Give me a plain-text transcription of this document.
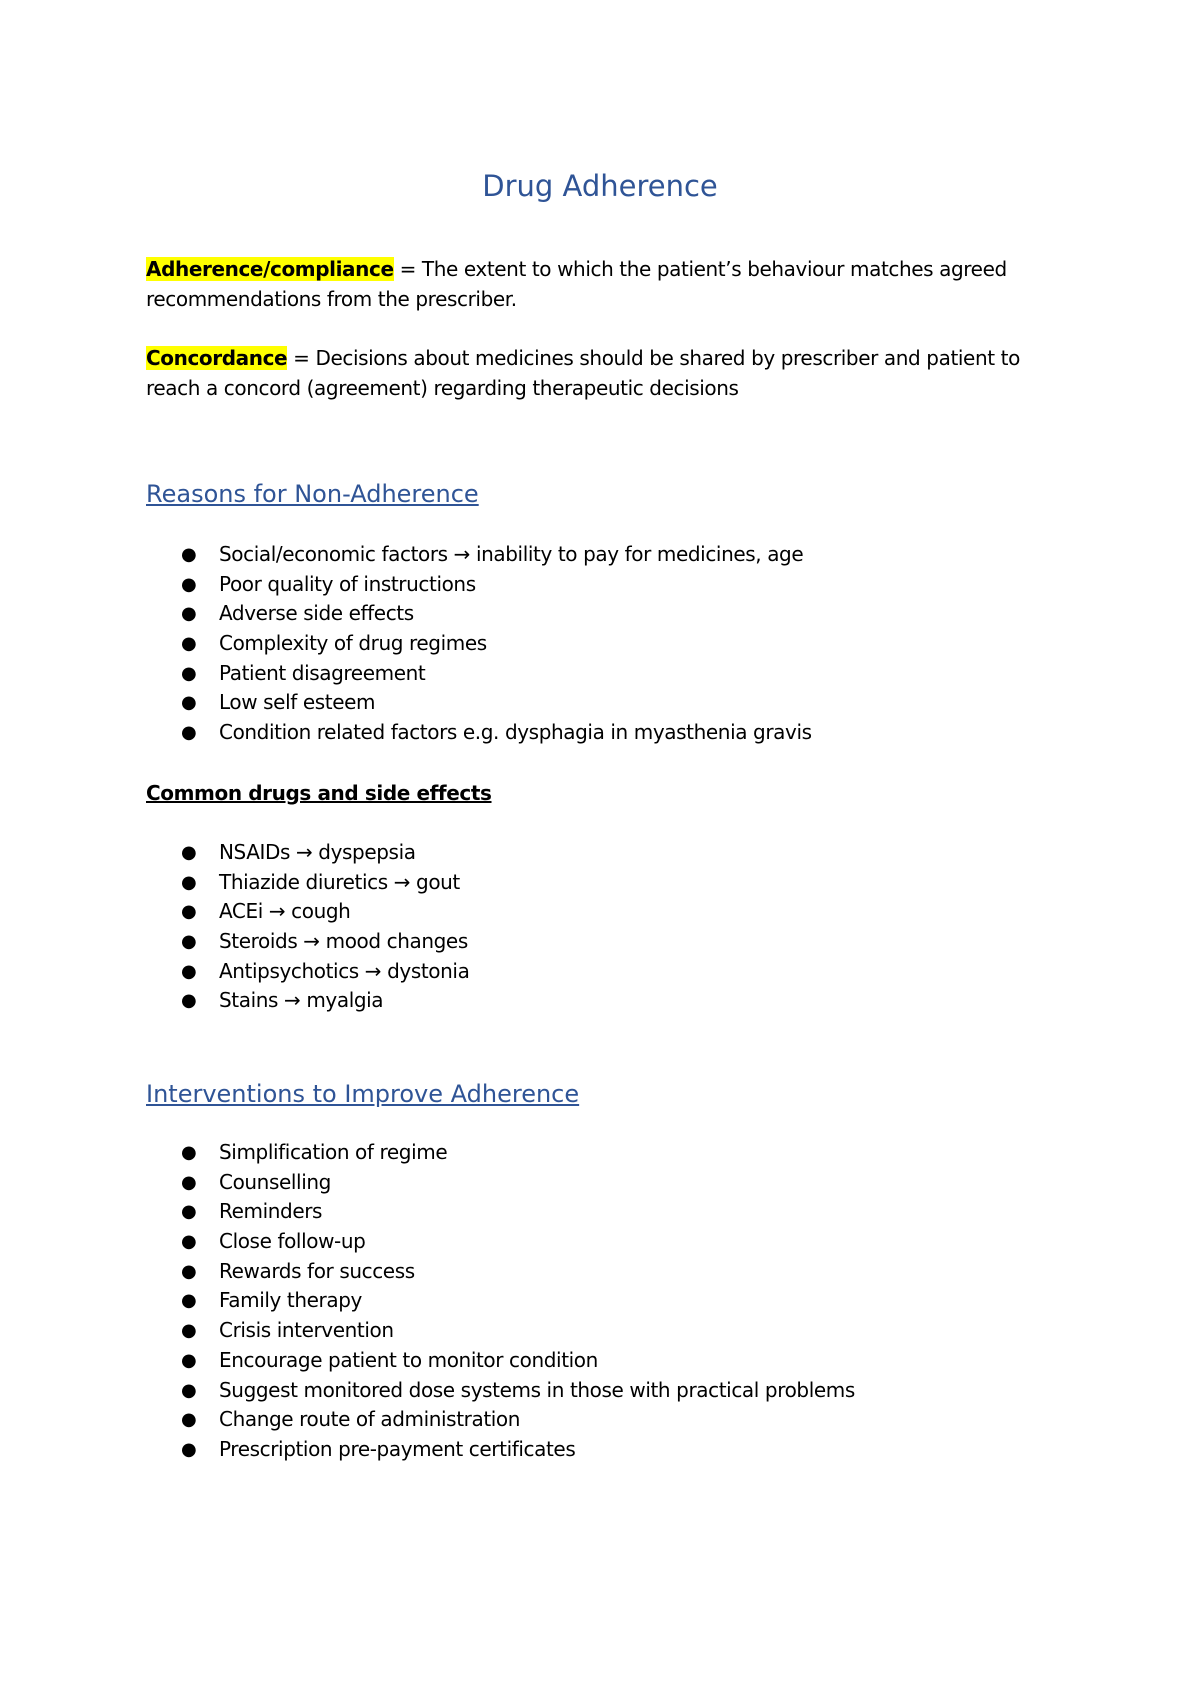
Drug Adherence

Adherence/compliance = The extent to which the patient’s behaviour matches agreed recommendations from the prescriber.

Concordance = Decisions about medicines should be shared by prescriber and patient to reach a concord (agreement) regarding therapeutic decisions

Reasons for Non-Adherence
● Social/economic factors → inability to pay for medicines, age
● Poor quality of instructions
● Adverse side effects
● Complexity of drug regimes
● Patient disagreement
● Low self esteem
● Condition related factors e.g. dysphagia in myasthenia gravis
Common drugs and side effects
● NSAIDs → dyspepsia
● Thiazide diuretics → gout
● ACEi → cough
● Steroids → mood changes
● Antipsychotics → dystonia
● Stains → myalgia
Interventions to Improve Adherence
● Simplification of regime
● Counselling
● Reminders
● Close follow-up
● Rewards for success
● Family therapy
● Crisis intervention
● Encourage patient to monitor condition
● Suggest monitored dose systems in those with practical problems
● Change route of administration
● Prescription pre-payment certificates
